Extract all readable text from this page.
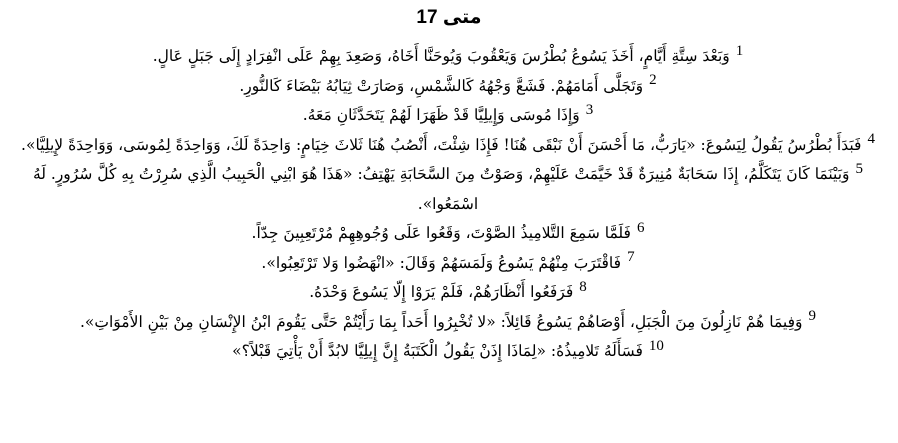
متى 17

1وَبَعْدَ سِتَّةِ أَيَّامٍ، أَخَذَ يَسُوعُ بُطْرُسَ وَيَعْقُوبَ وَيُوحَنَّا أَخَاهُ، وَصَعِدَ بِهِمْ عَلَى انْفِرَادٍ إِلَى جَبَلٍ عَالٍ.

2وَتَجَلَّى أَمَامَهُمْ. فَشَعَّ وَجْهُهُ كَالشَّمْسِ، وَصَارَتْ ثِيَابُهُ بَيْضَاءَ كَالنُّورِ.

3وَإِذَا مُوسَى وَإِيلِيَّا قَدْ ظَهَرَا لَهُمْ يَتَحَدَّثَانِ مَعَهُ.

4فَبَدَأَ بُطْرُسُ يَقُولُ لِيَسُوعَ: «يَارَبُّ، مَا أَحْسَنَ أَنْ نَبْقَى هُنَا! فَإِذَا شِئْتَ، أَنْصُبُ هُنَا ثَلاثَ خِيَامٍ: وَاحِدَةً لَكَ، وَوَاحِدَةً لِمُوسَى، وَوَاحِدَةً لإِيلِيَّا».

5وَبَيْنَمَا كَانَ يَتَكَلَّمُ، إِذَا سَحَابَةٌ مُنِيرَةٌ قَدْ خَيَّمَتْ عَلَيْهِمْ، وَصَوْتٌ مِنَ السَّحَابَةِ يَهْتِفُ: «هَذَا هُوَ ابْنِي الْحَبِيبُ الَّذِي سُرِرْتُ بِهِ كُلَّ سُرُورٍ. لَهُ اسْمَعُوا».

6فَلَمَّا سَمِعَ التَّلامِيذُ الصَّوْتَ، وَقَعُوا عَلَى وُجُوهِهِمْ مُرْتَعِبِينَ جِدّاً.

7فَاقْتَرَبَ مِنْهُمْ يَسُوعُ وَلَمَسَهُمْ وَقَالَ: «انْهَضُوا وَلا تَرْتَعِبُوا».

8فَرَفَعُوا أَنْظَارَهُمْ، فَلَمْ يَرَوْا إِلّا يَسُوعَ وَحْدَهُ.

9وَفِيمَا هُمْ نَازِلُونَ مِنَ الْجَبَلِ، أَوْصَاهُمْ يَسُوعُ قَائِلاً: «لا تُخْبِرُوا أَحَداً بِمَا رَأَيْتُمْ حَتَّى يَقُومَ ابْنُ الإِنْسَانِ مِنْ بَيْنِ الأَمْوَاتِ».

10فَسَأَلَهُ تَلامِيذُهُ: «لِمَاذَا إِذَنْ يَقُولُ الْكَتَبَةُ إِنَّ إِيلِيَّا لابُدَّ أَنْ يَأْتِيَ قَبْلاً؟»
